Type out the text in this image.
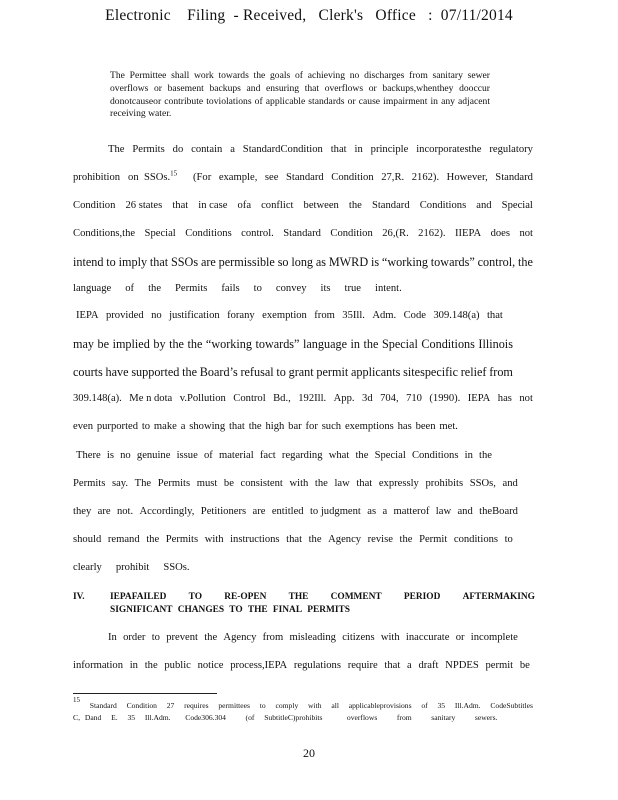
Electronic    Filing  - Received,   Clerk's   Office   :  07/11/2014

The Permittee shall work towards the goals of achieving no discharges from sanitary sewer overflows or basement backups and ensuring that overflows or backups,whenthey dooccur donotcauseor contribute toviolations of applicable standards or cause impairment in any adjacent receiving water.

The Permits do contain a StandardCondition that in principle incorporatesthe regulatory
prohibition on SSOs.$^{15}$ (For example, see Standard Condition 27,R. 2162). However, Standard
Condition 26 states that in case ofa conflict between the Standard Conditions and Special
Conditions,the Special Conditions control. Standard Condition 26,(R. 2162). IIEPA does not
intend to imply that SSOs are permissible so long as MWRD is “working towards” control, the
language of the Permits fails to convey its true intent.
IEPA provided no justification forany exemption from 35Ill. Adm. Code 309.148(a) that
may be implied by the the “working towards” language in the Special Conditions Illinois
courts have supported the Board’s refusal to grant permit applicants sitespecific relief from
309.148(a). Me n dota v.Pollution Control Bd., 192Ill. App. 3d 704, 710 (1990). IEPA has not
even purported to make a showing that the high bar for such exemptions has been met.
There is no genuine issue of material fact regarding what the Special Conditions in the
Permits say. The Permits must be consistent with the law that expressly prohibits SSOs, and
they are not. Accordingly, Petitioners are entitled to judgment as a matterof law and theBoard
should remand the Permits with instructions that the Agency revise the Permit conditions to
clearly prohibit SSOs.
IV.	IEPAFAILED TO RE-OPEN THE COMMENT PERIOD AFTERMAKING
SIGNIFICANT CHANGES TO THE FINAL PERMITS
In order to prevent the Agency from misleading citizens with inaccurate or incomplete
information in the public notice process,IEPA regulations require that a draft NPDES permit be
15
Standard Condition 27 requires permittees to comply with all applicableprovisions of 35 Ill.Adm. CodeSubtitles
C, Dand  E.  35  Ill.Adm.   Code306.304    (of  SubtitleC)prohibits     overflows    from    sanitary    sewers.
20
